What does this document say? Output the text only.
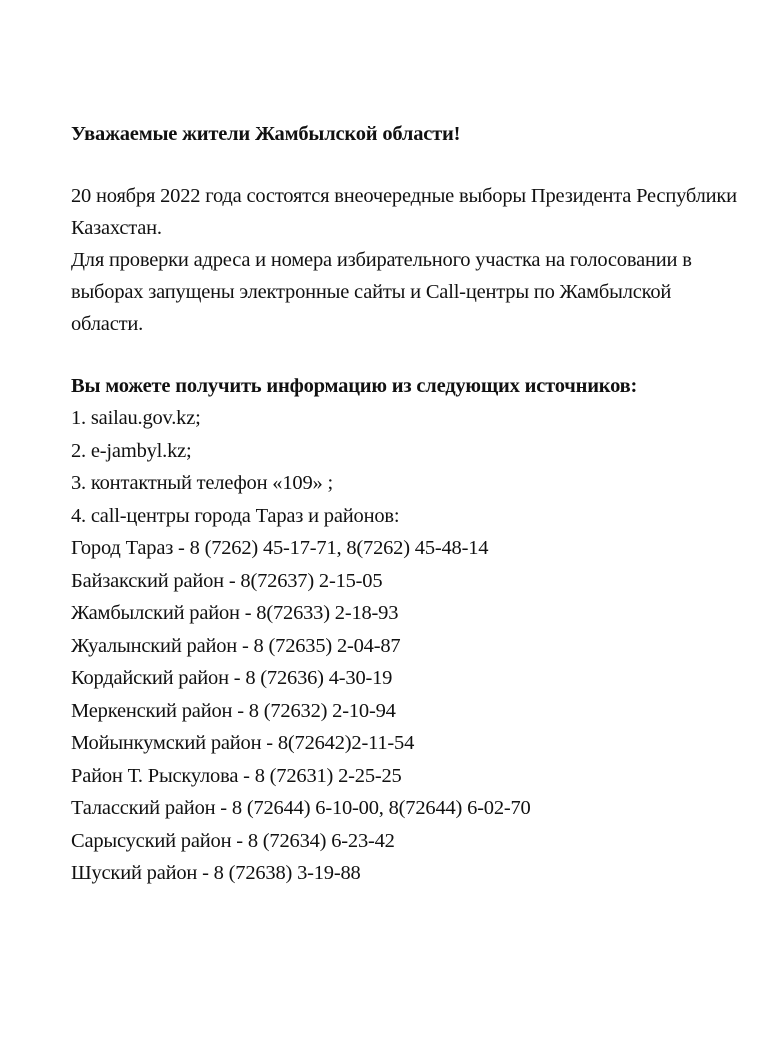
Уважаемые жители Жамбылской области!
20 ноября 2022 года состоятся внеочередные выборы Президента Республики
Казахстан.
Для проверки адреса и номера избирательного участка на голосовании в
выборах запущены электронные сайты и Call-центры по Жамбылской
области.
Вы можете получить информацию из следующих источников:
1. sailau.gov.kz;
2. e-jambyl.kz;
3. контактный телефон «109» ;
4. call-центры города Тараз и районов:
Город Тараз - 8 (7262) 45-17-71, 8(7262) 45-48-14
Байзакский район - 8(72637) 2-15-05
Жамбылский район - 8(72633) 2-18-93
Жуалынский район - 8 (72635) 2-04-87
Кордайский район - 8 (72636) 4-30-19
Меркенский район - 8 (72632) 2-10-94
Мойынкумский район - 8(72642)2-11-54
Район Т. Рыскулова - 8 (72631) 2-25-25
Таласский район - 8 (72644) 6-10-00, 8(72644) 6-02-70
Сарысуский район - 8 (72634) 6-23-42
Шуский район - 8 (72638) 3-19-88
